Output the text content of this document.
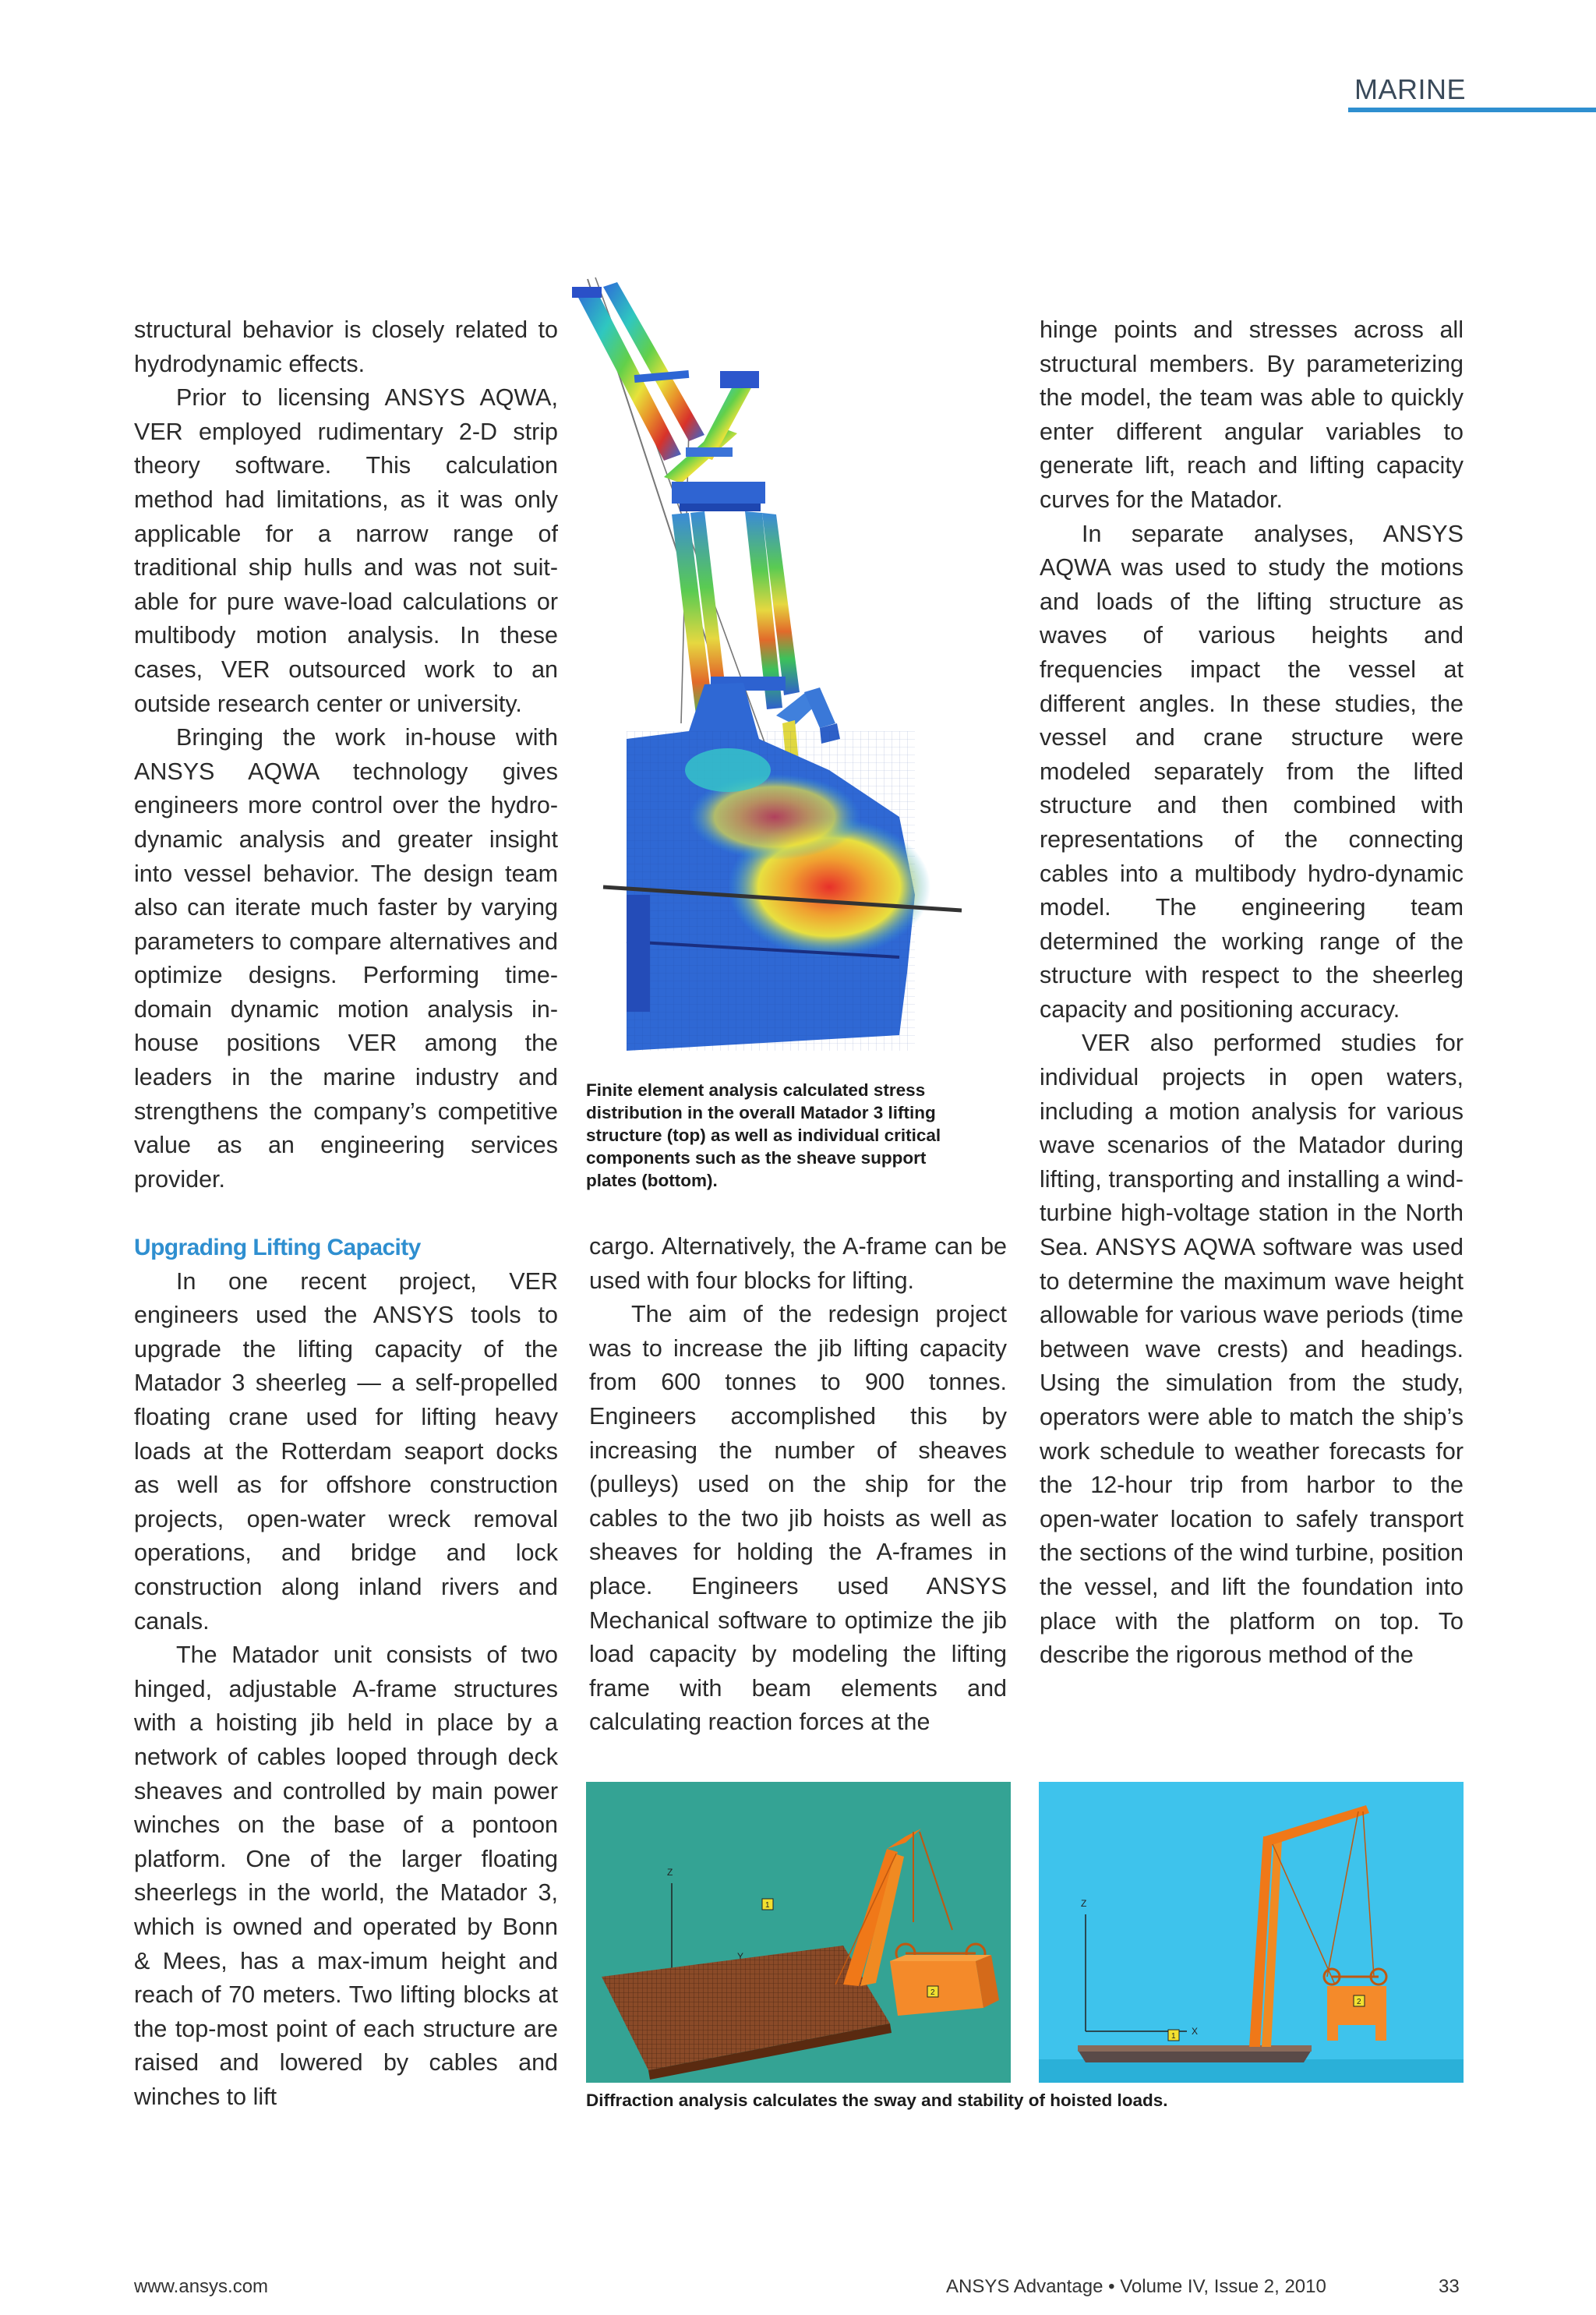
MARINE

structural behavior is closely related to hydrodynamic effects.

Prior to licensing ANSYS AQWA, VER employed rudimentary 2-D strip theory software. This calculation method had limitations, as it was only applicable for a narrow range of traditional ship hulls and was not suit-able for pure wave-load calculations or multibody motion analysis. In these cases, VER outsourced work to an outside research center or university.

Bringing the work in-house with ANSYS AQWA technology gives engineers more control over the hydro-dynamic analysis and greater insight into vessel behavior. The design team also can iterate much faster by varying parameters to compare alternatives and optimize designs. Performing time-domain dynamic motion analysis in-house positions VER among the leaders in the marine industry and strengthens the company’s competitive value as an engineering services provider.

Upgrading Lifting Capacity

In one recent project, VER engineers used the ANSYS tools to upgrade the lifting capacity of the Matador 3 sheerleg — a self-propelled floating crane used for lifting heavy loads at the Rotterdam seaport docks as well as for offshore construction projects, open-water wreck removal operations, and bridge and lock construction along inland rivers and canals.

The Matador unit consists of two hinged, adjustable A-frame structures with a hoisting jib held in place by a network of cables looped through deck sheaves and controlled by main power winches on the base of a pontoon platform. One of the larger floating sheerlegs in the world, the Matador 3, which is owned and operated by Bonn & Mees, has a max-imum height and reach of 70 meters. Two lifting blocks at the top-most point of each structure are raised and lowered by cables and winches to lift

Finite element analysis calculated stress distribution in the overall Matador 3 lifting structure (top) as well as individual critical components such as the sheave support plates (bottom).

cargo. Alternatively, the A-frame can be used with four blocks for lifting.

The aim of the redesign project was to increase the jib lifting capacity from 600 tonnes to 900 tonnes. Engineers accomplished this by increasing the number of sheaves (pulleys) used on the ship for the cables to the two jib hoists as well as sheaves for holding the A-frames in place. Engineers used ANSYS Mechanical software to optimize the jib load capacity by modeling the lifting frame with beam elements and calculating reaction forces at the

hinge points and stresses across all structural members. By parameterizing the model, the team was able to quickly enter different angular variables to generate lift, reach and lifting capacity curves for the Matador.

In separate analyses, ANSYS AQWA was used to study the motions and loads of the lifting structure as waves of various heights and frequencies impact the vessel at different angles. In these studies, the vessel and crane structure were modeled separately from the lifted structure and then combined with representations of the connecting cables into a multibody hydro-dynamic model. The engineering team determined the working range of the structure with respect to the sheerleg capacity and positioning accuracy.

VER also performed studies for individual projects in open waters, including a motion analysis for various wave scenarios of the Matador during lifting, transporting and installing a wind-turbine high-voltage station in the North Sea. ANSYS AQWA software was used to determine the maximum wave height allowable for various wave periods (time between wave crests) and headings. Using the simulation from the study, operators were able to match the ship’s work schedule to weather forecasts for the 12-hour trip from harbor to the open-water location to safely transport the sections of the wind turbine, position the vessel, and lift the foundation into place with the platform on top. To describe the rigorous method of the

Z
Y
1
2
Z
X
2
1
Diffraction analysis calculates the sway and stability of hoisted loads.
www.ansys.com	ANSYS Advantage • Volume IV, Issue 2, 2010	33
